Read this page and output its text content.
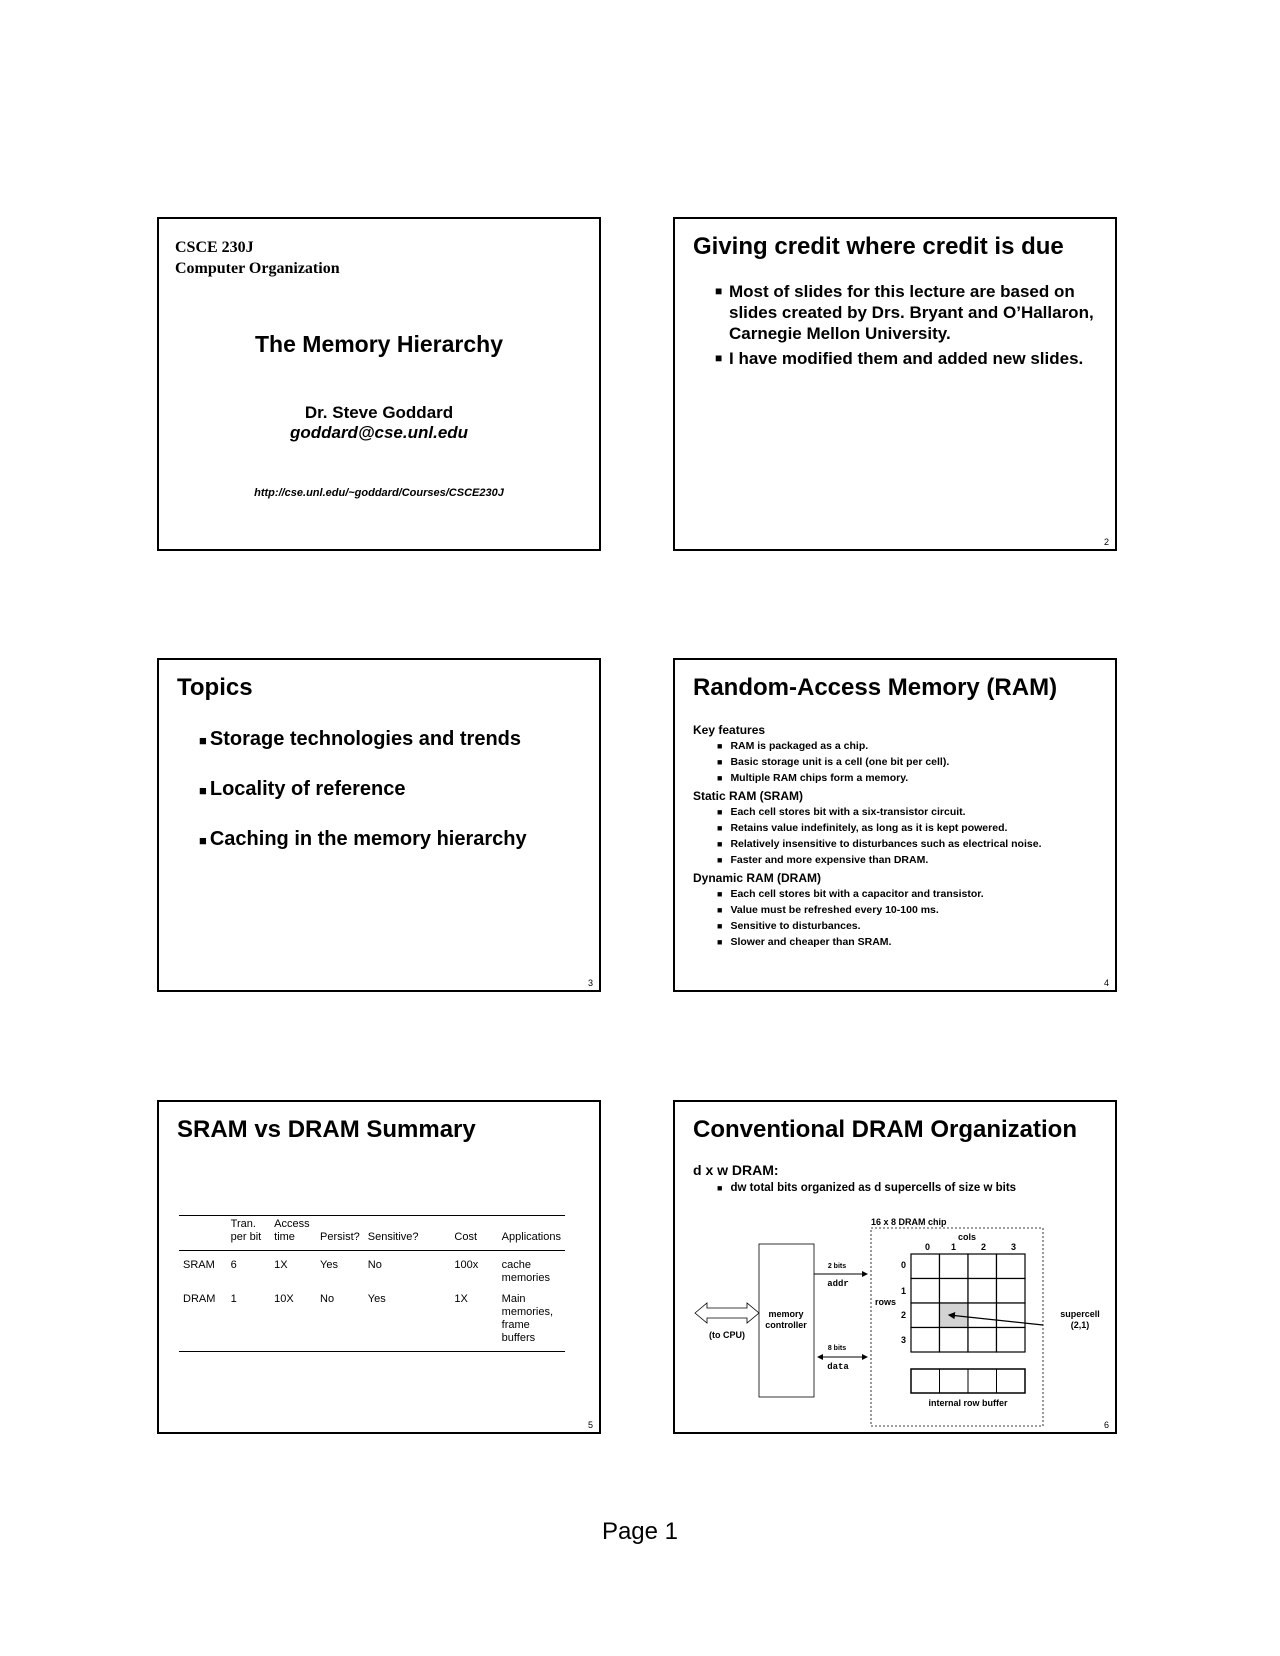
CSCE 230J
Computer Organization
The Memory Hierarchy
Dr. Steve Goddard
goddard@cse.unl.edu
http://cse.unl.edu/~goddard/Courses/CSCE230J
Giving credit where credit is due
■ Most of slides for this lecture are based on slides created by Drs. Bryant and O’Hallaron, Carnegie Mellon University.
■ I have modified them and added new slides.
2
Topics
■ Storage technologies and trends
■ Locality of reference
■ Caching in the memory hierarchy
3
Random-Access Memory (RAM)
Key features
■ RAM is packaged as a chip.
■ Basic storage unit is a cell (one bit per cell).
■ Multiple RAM chips form a memory.
Static RAM (SRAM)
■ Each cell stores bit with a six-transistor circuit.
■ Retains value indefinitely, as long as it is kept powered.
■ Relatively insensitive to disturbances such as electrical noise.
■ Faster and more expensive than DRAM.
Dynamic RAM (DRAM)
■ Each cell stores bit with a capacitor and transistor.
■ Value must be refreshed every 10-100 ms.
■ Sensitive to disturbances.
■ Slower and cheaper than SRAM.
4
SRAM vs DRAM Summary
	Tran.
per bit	Access
time	Persist?	Sensitive?	Cost	Applications
SRAM	6	1X	Yes	No	100x	cache memories
DRAM	1	10X	No	Yes	1X	Main memories,
frame buffers
5
Conventional DRAM Organization
d x w DRAM:
■ dw total bits organized as d supercells of size w bits
16 x 8 DRAM chip
cols
0 1	2	3
rows
0
1
2
3
internal row buffer
memory
controller
(to CPU)
2 bits
addr
8 bits
data
supercell
(2,1)
6
Page 1
